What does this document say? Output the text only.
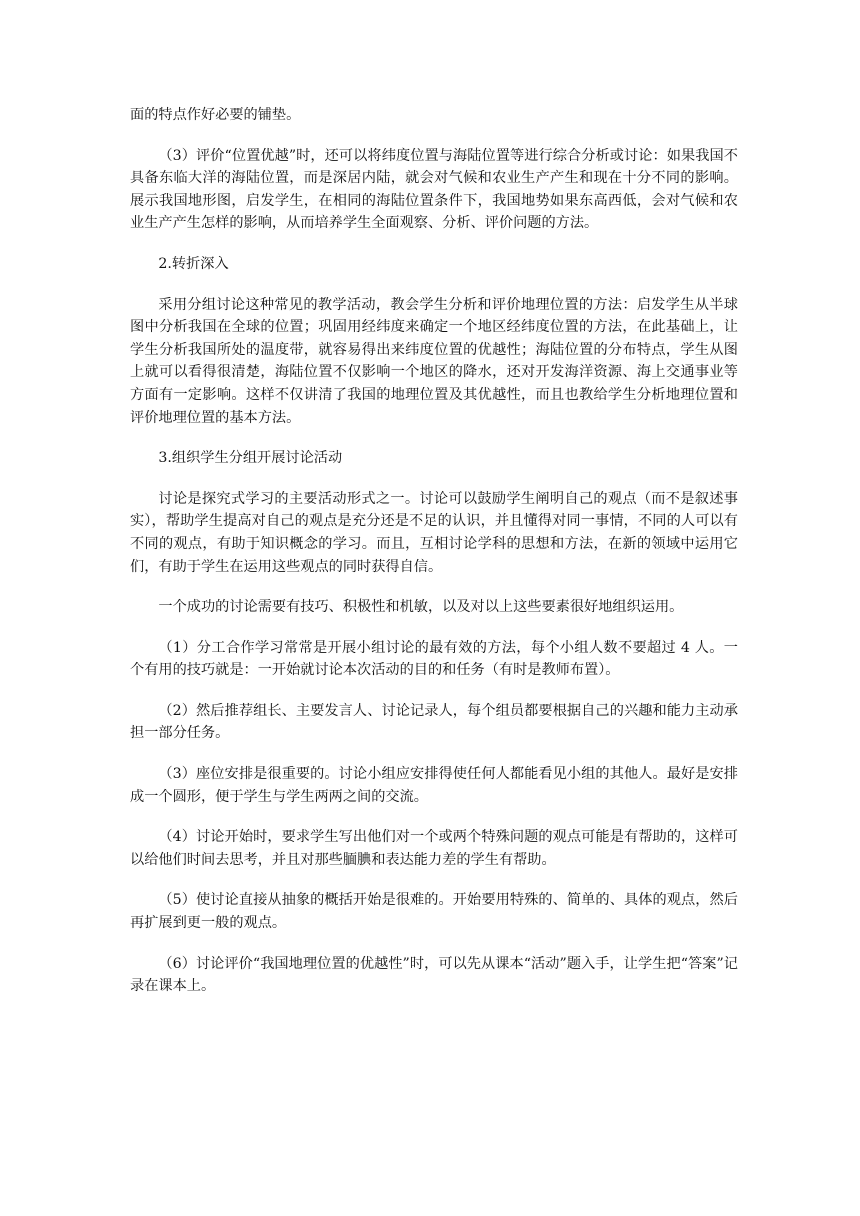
面的特点作好必要的铺垫。

（3）评价“位置优越”时，还可以将纬度位置与海陆位置等进行综合分析或讨论：如果我国不具备东临大洋的海陆位置，而是深居内陆，就会对气候和农业生产产生和现在十分不同的影响。展示我国地形图，启发学生，在相同的海陆位置条件下，我国地势如果东高西低，会对气候和农业生产产生怎样的影响，从而培养学生全面观察、分析、评价问题的方法。

2.转折深入

采用分组讨论这种常见的教学活动，教会学生分析和评价地理位置的方法：启发学生从半球图中分析我国在全球的位置；巩固用经纬度来确定一个地区经纬度位置的方法，在此基础上，让学生分析我国所处的温度带，就容易得出来纬度位置的优越性；海陆位置的分布特点，学生从图上就可以看得很清楚，海陆位置不仅影响一个地区的降水，还对开发海洋资源、海上交通事业等方面有一定影响。这样不仅讲清了我国的地理位置及其优越性，而且也教给学生分析地理位置和评价地理位置的基本方法。

3.组织学生分组开展讨论活动

讨论是探究式学习的主要活动形式之一。讨论可以鼓励学生阐明自己的观点（而不是叙述事实），帮助学生提高对自己的观点是充分还是不足的认识，并且懂得对同一事情，不同的人可以有不同的观点，有助于知识概念的学习。而且，互相讨论学科的思想和方法，在新的领域中运用它们，有助于学生在运用这些观点的同时获得自信。

一个成功的讨论需要有技巧、积极性和机敏，以及对以上这些要素很好地组织运用。

（1）分工合作学习常常是开展小组讨论的最有效的方法，每个小组人数不要超过 4 人。一个有用的技巧就是：一开始就讨论本次活动的目的和任务（有时是教师布置）。

（2）然后推荐组长、主要发言人、讨论记录人，每个组员都要根据自己的兴趣和能力主动承担一部分任务。

（3）座位安排是很重要的。讨论小组应安排得使任何人都能看见小组的其他人。最好是安排成一个圆形，便于学生与学生两两之间的交流。

（4）讨论开始时，要求学生写出他们对一个或两个特殊问题的观点可能是有帮助的，这样可以给他们时间去思考，并且对那些腼腆和表达能力差的学生有帮助。

（5）使讨论直接从抽象的概括开始是很难的。开始要用特殊的、简单的、具体的观点，然后再扩展到更一般的观点。

（6）讨论评价“我国地理位置的优越性”时，可以先从课本“活动”题入手，让学生把“答案”记录在课本上。
